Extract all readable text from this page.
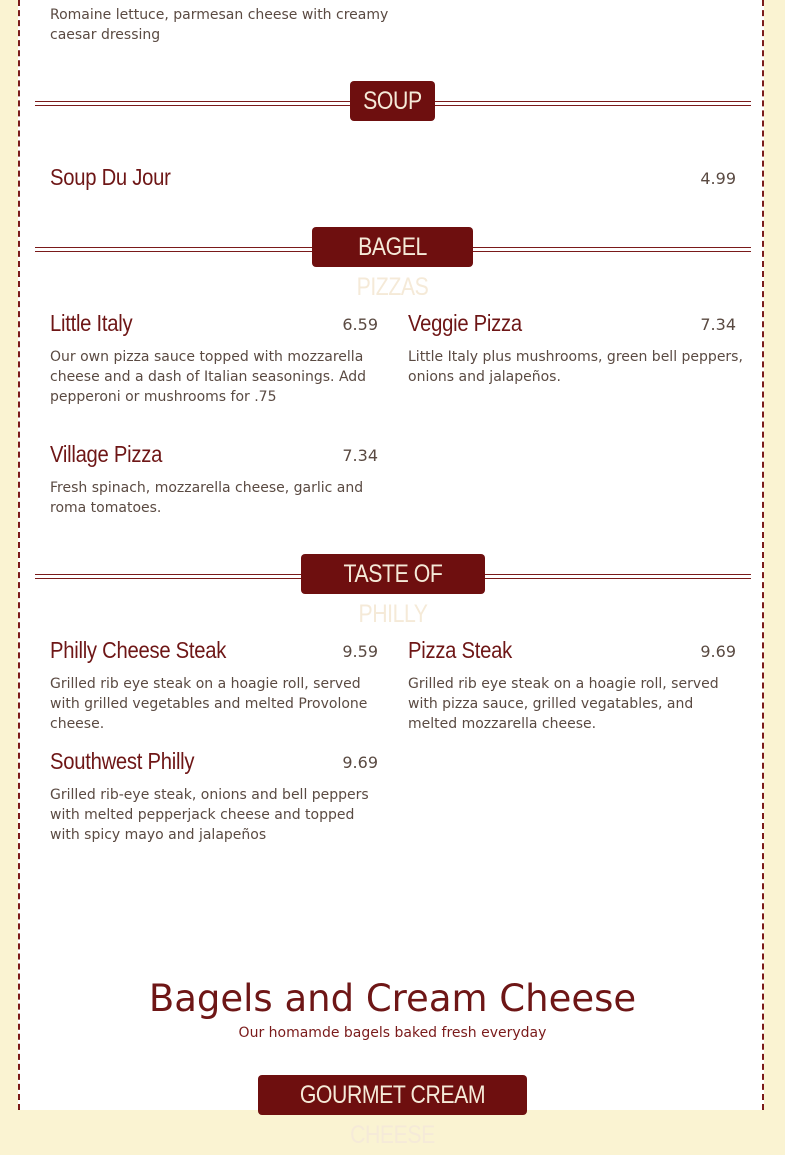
Romaine lettuce, parmesan cheese with creamy caesar dressing
SOUP
Soup Du Jour	4.99
BAGEL PIZZAS
Little Italy	6.59
Our own pizza sauce topped with mozzarella cheese and a dash of Italian seasonings. Add pepperoni or mushrooms for .75
Veggie Pizza	7.34
Little Italy plus mushrooms, green bell peppers, onions and jalapeños.
Village Pizza	7.34
Fresh spinach, mozzarella cheese, garlic and roma tomatoes.
TASTE OF PHILLY
Philly Cheese Steak	9.59
Grilled rib eye steak on a hoagie roll, served with grilled vegetables and melted Provolone cheese.
Pizza Steak	9.69
Grilled rib eye steak on a hoagie roll, served with pizza sauce, grilled vegatables, and melted mozzarella cheese.
Southwest Philly	9.69
Grilled rib-eye steak, onions and bell peppers with melted pepperjack cheese and topped with spicy mayo and jalapeños
Bagels and Cream Cheese
Our homamde bagels baked fresh everyday
GOURMET CREAM CHEESE
